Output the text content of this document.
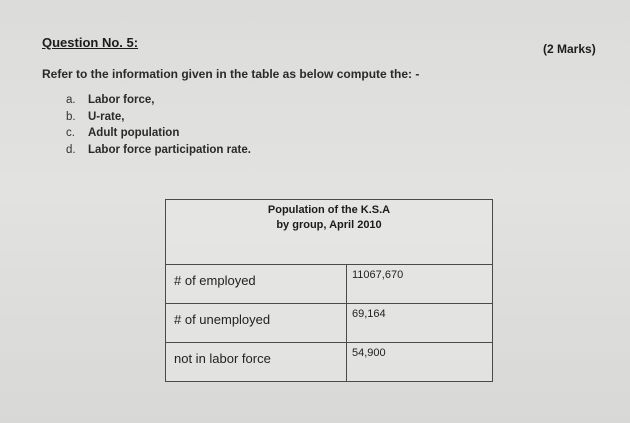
Question No. 5:	(2 Marks)
Refer to the information given in the table as below compute the: -
a. Labor force,
b. U-rate,
c. Adult population
d. Labor force participation rate.
Population of the K.S.A
by group, April 2010	

# of employed	11067,670

# of unemployed	69,164

not in labor force	54,900
